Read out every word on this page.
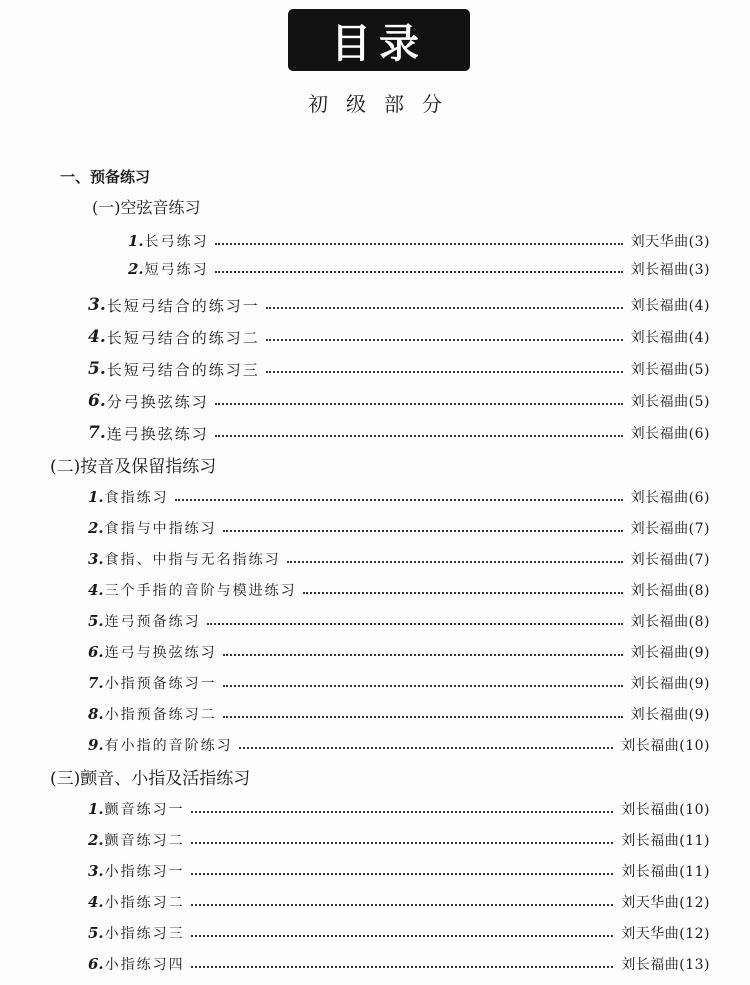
目录
初级部分
一、预备练习
(一)空弦音练习
1. 长弓练习	刘天华曲(3)
2. 短弓练习	刘长福曲(3)
3. 长短弓结合的练习一	刘长福曲(4)
4. 长短弓结合的练习二	刘长福曲(4)
5. 长短弓结合的练习三	刘长福曲(5)
6. 分弓换弦练习	刘长福曲(5)
7. 连弓换弦练习	刘长福曲(6)
(二)按音及保留指练习
1. 食指练习	刘长福曲(6)
2. 食指与中指练习	刘长福曲(7)
3. 食指、中指与无名指练习	刘长福曲(7)
4. 三个手指的音阶与模进练习	刘长福曲(8)
5. 连弓预备练习	刘长福曲(8)
6. 连弓与换弦练习	刘长福曲(9)
7. 小指预备练习一	刘长福曲(9)
8. 小指预备练习二	刘长福曲(9)
9. 有小指的音阶练习	刘长福曲(10)
(三)颤音、小指及活指练习
1. 颤音练习一	刘长福曲(10)
2. 颤音练习二	刘长福曲(11)
3. 小指练习一	刘长福曲(11)
4. 小指练习二	刘天华曲(12)
5. 小指练习三	刘天华曲(12)
6. 小指练习四	刘长福曲(13)
